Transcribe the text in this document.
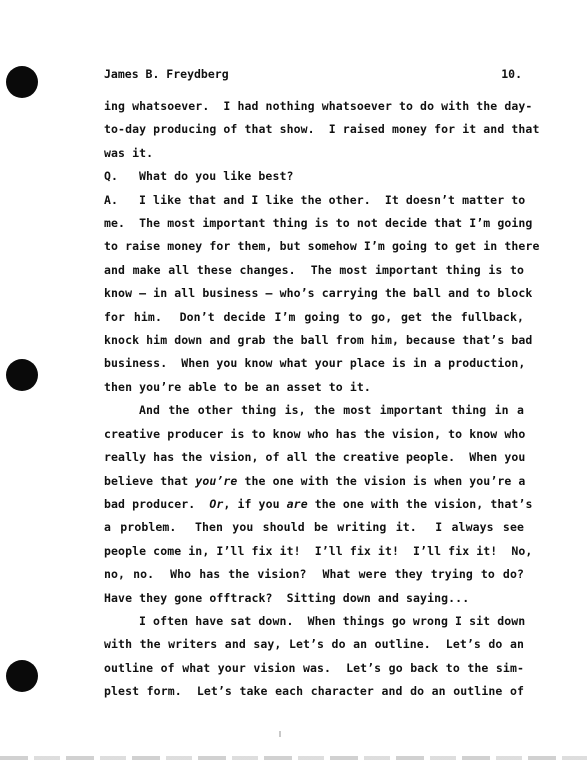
James B. Freydberg	10.
ing whatsoever.  I had nothing whatsoever to do with the day-
to-day producing of that show.  I raised money for it and that
was it.
Q. What do you like best?
A. I like that and I like the other.  It doesn’t matter to
me.  The most important thing is to not decide that I’m going
to raise money for them, but somehow I’m going to get in there
and make all these changes.  The most important thing is to
know – in all business – who’s carrying the ball and to block
for him.  Don’t decide I’m going to go, get the fullback,
knock him down and grab the ball from him, because that’s bad
business.  When you know what your place is in a production,
then you’re able to be an asset to it.
And the other thing is, the most important thing in a
creative producer is to know who has the vision, to know who
really has the vision, of all the creative people.  When you
believe that you’re the one with the vision is when you’re a
bad producer.  Or, if you are the one with the vision, that’s
a problem.  Then you should be writing it.  I always see
people come in, I’ll fix it!  I’ll fix it!  I’ll fix it!  No,
no, no.  Who has the vision?  What were they trying to do?
Have they gone offtrack?  Sitting down and saying...
I often have sat down.  When things go wrong I sit down
with the writers and say, Let’s do an outline.  Let’s do an
outline of what your vision was.  Let’s go back to the sim-
plest form.  Let’s take each character and do an outline of
